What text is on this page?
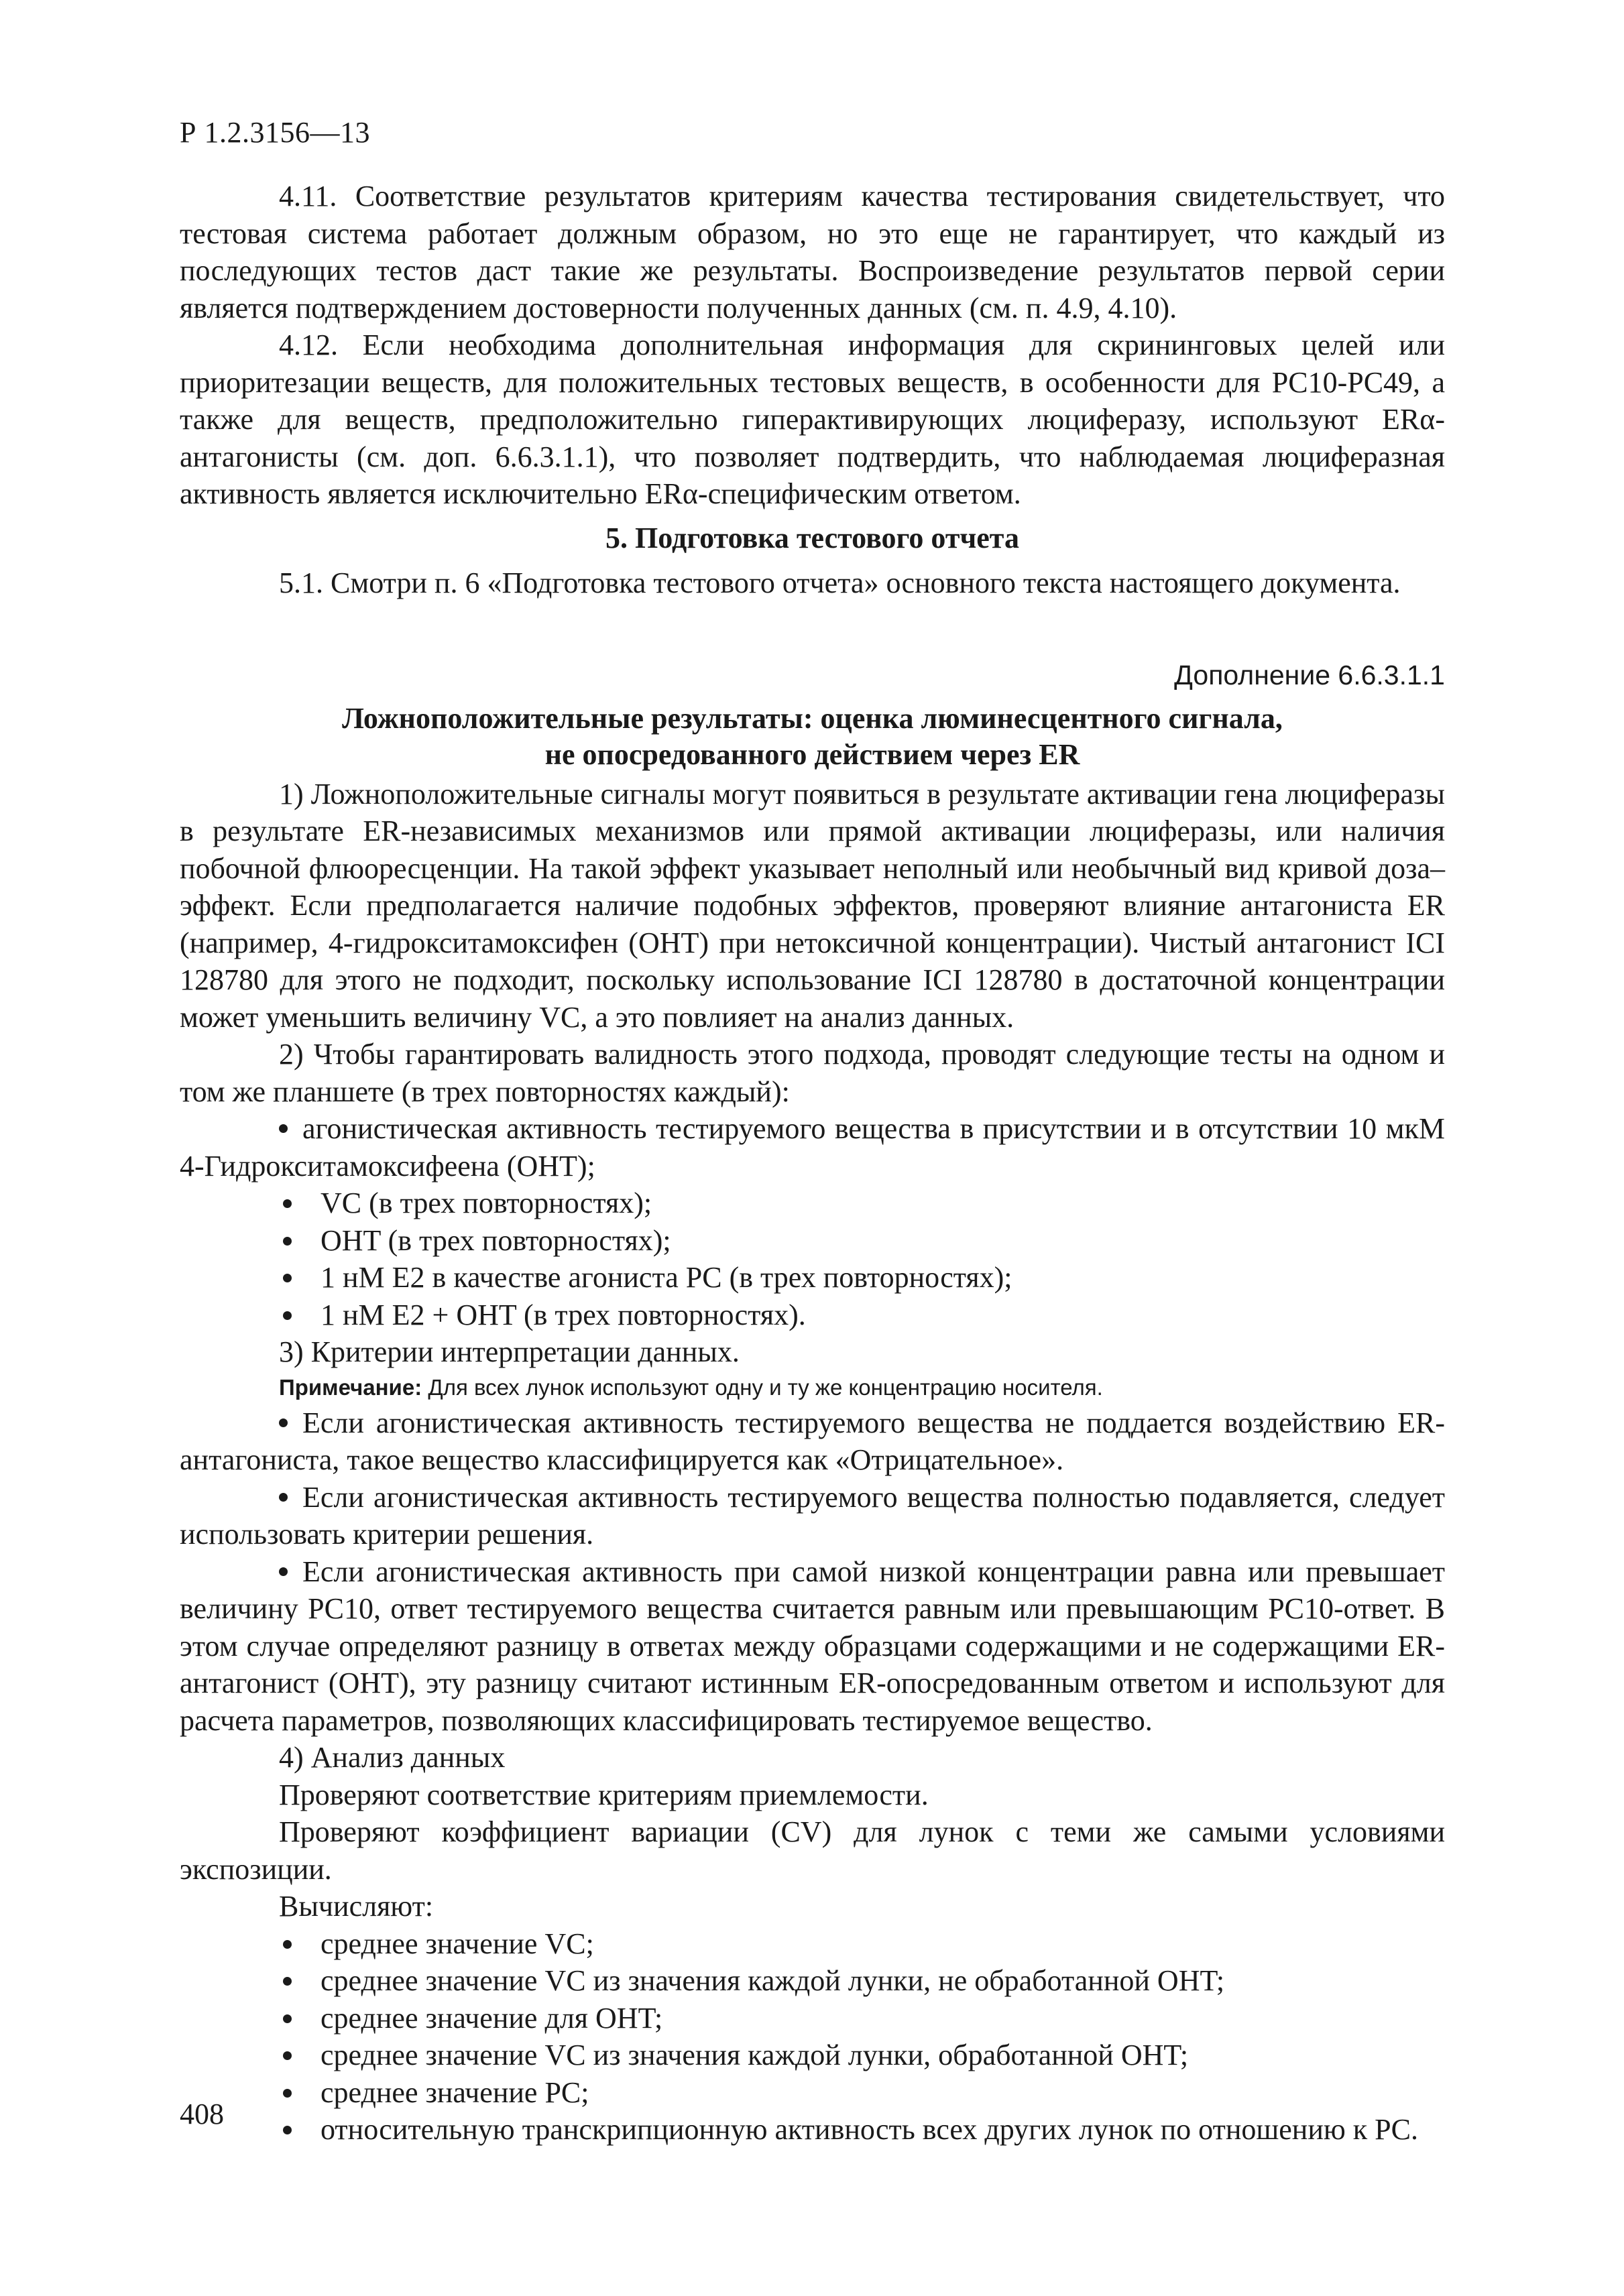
Р 1.2.3156—13

4.11. Соответствие результатов критериям качества тестирования свидетельствует, что тестовая система работает должным образом, но это еще не гарантирует, что каждый из последующих тестов даст такие же результаты. Воспроизведение результатов первой серии является подтверждением достоверности полученных данных (см. п. 4.9, 4.10).

4.12. Если необходима дополнительная информация для скрининговых целей или приоритезации веществ, для положительных тестовых веществ, в особенности для PC10-PC49, а также для веществ, предположительно гиперактивирующих люциферазу, используют ERα-антагонисты (см. доп. 6.6.3.1.1), что позволяет подтвердить, что наблюдаемая люциферазная активность является исключительно ERα-специфическим ответом.

5. Подготовка тестового отчета

5.1. Смотри п. 6 «Подготовка тестового отчета» основного текста настоящего документа.

Дополнение 6.6.3.1.1
Ложноположительные результаты: оценка люминесцентного сигнала,
не опосредованного действием через ER

1) Ложноположительные сигналы могут появиться в результате активации гена люциферазы в результате ER-независимых механизмов или прямой активации люциферазы, или наличия побочной флюоресценции. На такой эффект указывает неполный или необычный вид кривой доза–эффект. Если предполагается наличие подобных эффектов, проверяют влияние антагониста ER (например, 4-гидрокситамоксифен (OHT) при нетоксичной концентрации). Чистый антагонист ICI 128780 для этого не подходит, поскольку использование ICI 128780 в достаточной концентрации может уменьшить величину VC, а это повлияет на анализ данных.

2) Чтобы гарантировать валидность этого подхода, проводят следующие тесты на одном и том же планшете (в трех повторностях каждый):

агонистическая активность тестируемого вещества в присутствии и в отсутствии 10 мкМ 4-Гидрокситамоксифеена (OHT);

VC (в трех повторностях);
OHT (в трех повторностях);
1 нМ Е2 в качестве агониста PC (в трех повторностях);
1 нМ Е2 + OHT (в трех повторностях).

3) Критерии интерпретации данных.

Примечание: Для всех лунок используют одну и ту же концентрацию носителя.

Если агонистическая активность тестируемого вещества не поддается воздействию ER-антагониста, такое вещество классифицируется как «Отрицательное».

Если агонистическая активность тестируемого вещества полностью подавляется, следует использовать критерии решения.

Если агонистическая активность при самой низкой концентрации равна или превышает величину PC10, ответ тестируемого вещества считается равным или превышающим PC10-ответ. В этом случае определяют разницу в ответах между образцами содержащими и не содержащими ER-антагонист (OHT), эту разницу считают истинным ER-опосредованным ответом и используют для расчета параметров, позволяющих классифицировать тестируемое вещество.

4) Анализ данных

Проверяют соответствие критериям приемлемости.

Проверяют коэффициент вариации (CV) для лунок с теми же самыми условиями экспозиции.

Вычисляют:

среднее значение VC;
среднее значение VC из значения каждой лунки, не обработанной OHT;
среднее значение для OHT;
среднее значение VC из значения каждой лунки, обработанной OHT;
среднее значение PC;
относительную транскрипционную активность всех других лунок по отношению к PC.
408
